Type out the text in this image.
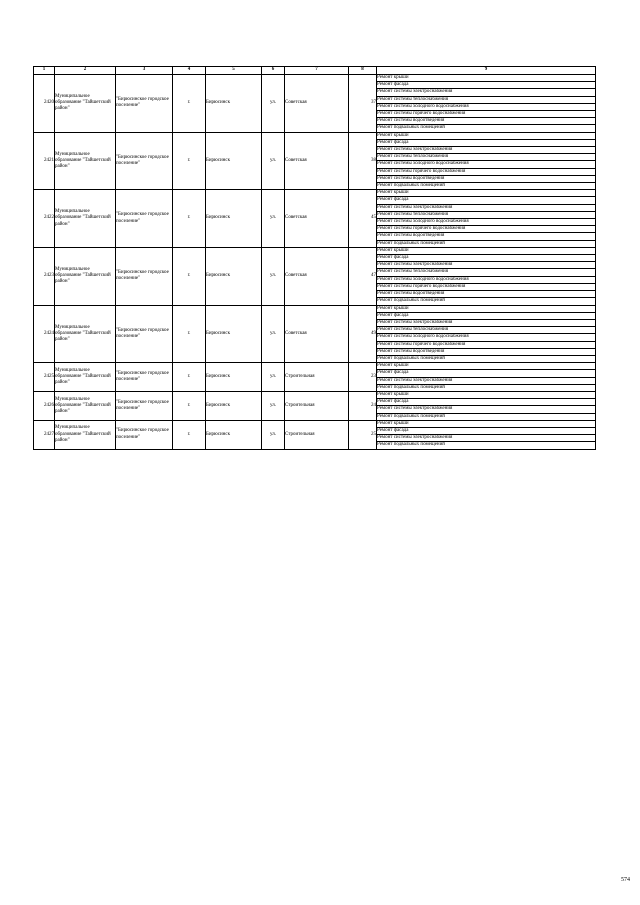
1	2	3	4	5	6	7	8	9
2420	Муниципальное образование "Тайшетский район"	"Бирюсинское городское поселение"	г.	Бирюсинск	ул.	Советская	37	Ремонт крыши
								Ремонт фасада
								Ремонт системы электроснабжения
								Ремонт системы теплоснабжения
								Ремонт системы холодного водоснабжения
								Ремонт системы горячего водоснабжения
								Ремонт системы водоотведения
								Ремонт подвальных помещений
2421	Муниципальное образование "Тайшетский район"	"Бирюсинское городское поселение"	г.	Бирюсинск	ул.	Советская	38	Ремонт крыши
								Ремонт фасада
								Ремонт системы электроснабжения
								Ремонт системы теплоснабжения
								Ремонт системы холодного водоснабжения
								Ремонт системы горячего водоснабжения
								Ремонт системы водоотведения
								Ремонт подвальных помещений
2422	Муниципальное образование "Тайшетский район"	"Бирюсинское городское поселение"	г.	Бирюсинск	ул.	Советская	45	Ремонт крыши
								Ремонт фасада
								Ремонт системы электроснабжения
								Ремонт системы теплоснабжения
								Ремонт системы холодного водоснабжения
								Ремонт системы горячего водоснабжения
								Ремонт системы водоотведения
								Ремонт подвальных помещений
2423	Муниципальное образование "Тайшетский район"	"Бирюсинское городское поселение"	г.	Бирюсинск	ул.	Советская	47	Ремонт крыши
								Ремонт фасада
								Ремонт системы электроснабжения
								Ремонт системы теплоснабжения
								Ремонт системы холодного водоснабжения
								Ремонт системы горячего водоснабжения
								Ремонт системы водоотведения
								Ремонт подвальных помещений
2424	Муниципальное образование "Тайшетский район"	"Бирюсинское городское поселение"	г.	Бирюсинск	ул.	Советская	49	Ремонт крыши
								Ремонт фасада
								Ремонт системы электроснабжения
								Ремонт системы теплоснабжения
								Ремонт системы холодного водоснабжения
								Ремонт системы горячего водоснабжения
								Ремонт системы водоотведения
								Ремонт подвальных помещений
2425	Муниципальное образование "Тайшетский район"	"Бирюсинское городское поселение"	г.	Бирюсинск	ул.	Строительная	23	Ремонт крыши
								Ремонт фасада
								Ремонт системы электроснабжения
								Ремонт подвальных помещений
2426	Муниципальное образование "Тайшетский район"	"Бирюсинское городское поселение"	г.	Бирюсинск	ул.	Строительная	24	Ремонт крыши
								Ремонт фасада
								Ремонт системы электроснабжения
								Ремонт подвальных помещений
2427	Муниципальное образование "Тайшетский район"	"Бирюсинское городское поселение"	г.	Бирюсинск	ул.	Строительная	25	Ремонт крыши
								Ремонт фасада
								Ремонт системы электроснабжения
								Ремонт подвальных помещений
574
